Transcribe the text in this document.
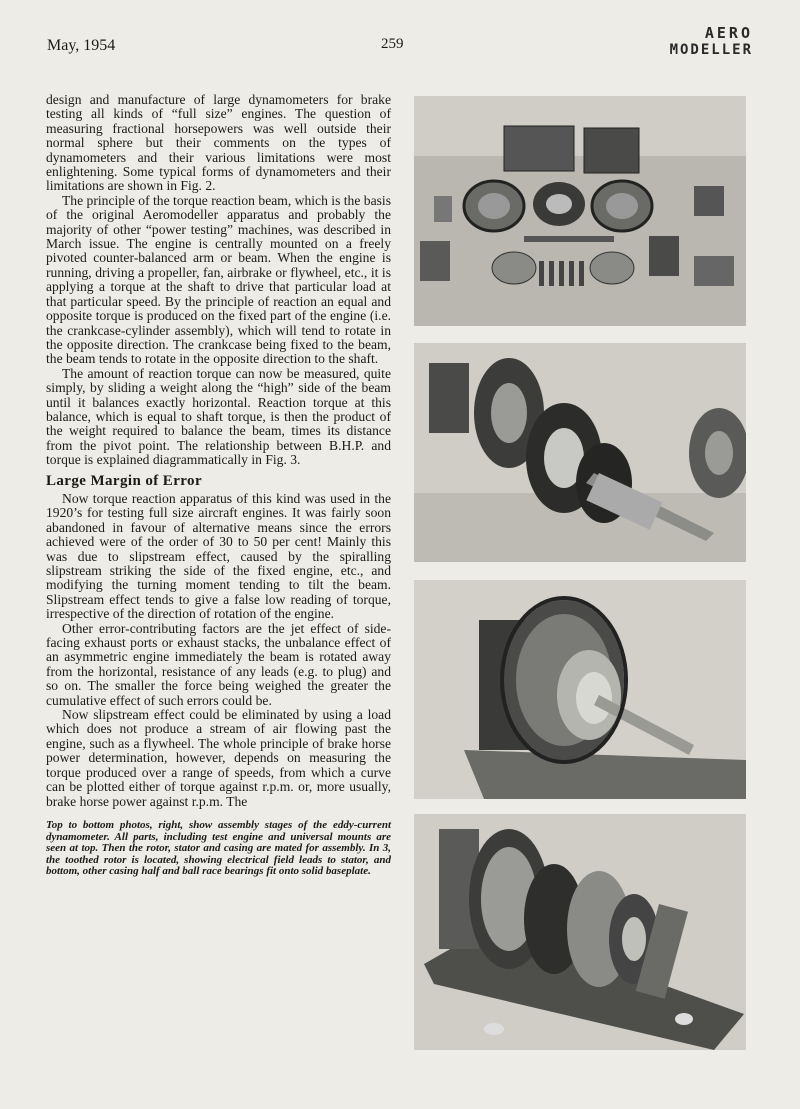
May, 1954	259
AERO
MODELLER

design and manufacture of large dynamometers for brake testing all kinds of “full size” engines. The question of measuring fractional horsepowers was well outside their normal sphere but their comments on the types of dynamometers and their various limitations were most enlightening. Some typical forms of dynamometers and their limitations are shown in Fig. 2.

The principle of the torque reaction beam, which is the basis of the original Aeromodeller apparatus and probably the majority of other “power testing” machines, was described in March issue. The engine is centrally mounted on a freely pivoted counter-balanced arm or beam. When the engine is running, driving a propeller, fan, airbrake or flywheel, etc., it is applying a torque at the shaft to drive that particular load at that particular speed. By the principle of reaction an equal and opposite torque is produced on the fixed part of the engine (i.e. the crankcase-cylinder assembly), which will tend to rotate in the opposite direction. The crankcase being fixed to the beam, the beam tends to rotate in the opposite direction to the shaft.

The amount of reaction torque can now be measured, quite simply, by sliding a weight along the “high” side of the beam until it balances exactly horizontal. Reaction torque at this balance, which is equal to shaft torque, is then the product of the weight required to balance the beam, times its distance from the pivot point. The relationship between B.H.P. and torque is explained diagrammatically in Fig. 3.

Large Margin of Error

Now torque reaction apparatus of this kind was used in the 1920’s for testing full size aircraft engines. It was fairly soon abandoned in favour of alternative means since the errors achieved were of the order of 30 to 50 per cent! Mainly this was due to slipstream effect, caused by the spiralling slipstream striking the side of the fixed engine, etc., and modifying the turning moment tending to tilt the beam. Slipstream effect tends to give a false low reading of torque, irrespective of the direction of rotation of the engine.

Other error-contributing factors are the jet effect of side-facing exhaust ports or exhaust stacks, the unbalance effect of an asymmetric engine immediately the beam is rotated away from the horizontal, resistance of any leads (e.g. to plug) and so on. The smaller the force being weighed the greater the cumulative effect of such errors could be.

Now slipstream effect could be eliminated by using a load which does not produce a stream of air flowing past the engine, such as a flywheel. The whole principle of brake horse power determination, however, depends on measuring the torque produced over a range of speeds, from which a curve can be plotted either of torque against r.p.m. or, more usually, brake horse power against r.p.m. The

Top to bottom photos, right, show assembly stages of the eddy-current dynamometer. All parts, including test engine and universal mounts are seen at top. Then the rotor, stator and casing are mated for assembly. In 3, the toothed rotor is located, showing electrical field leads to stator, and bottom, other casing half and ball race bearings fit onto solid baseplate.
